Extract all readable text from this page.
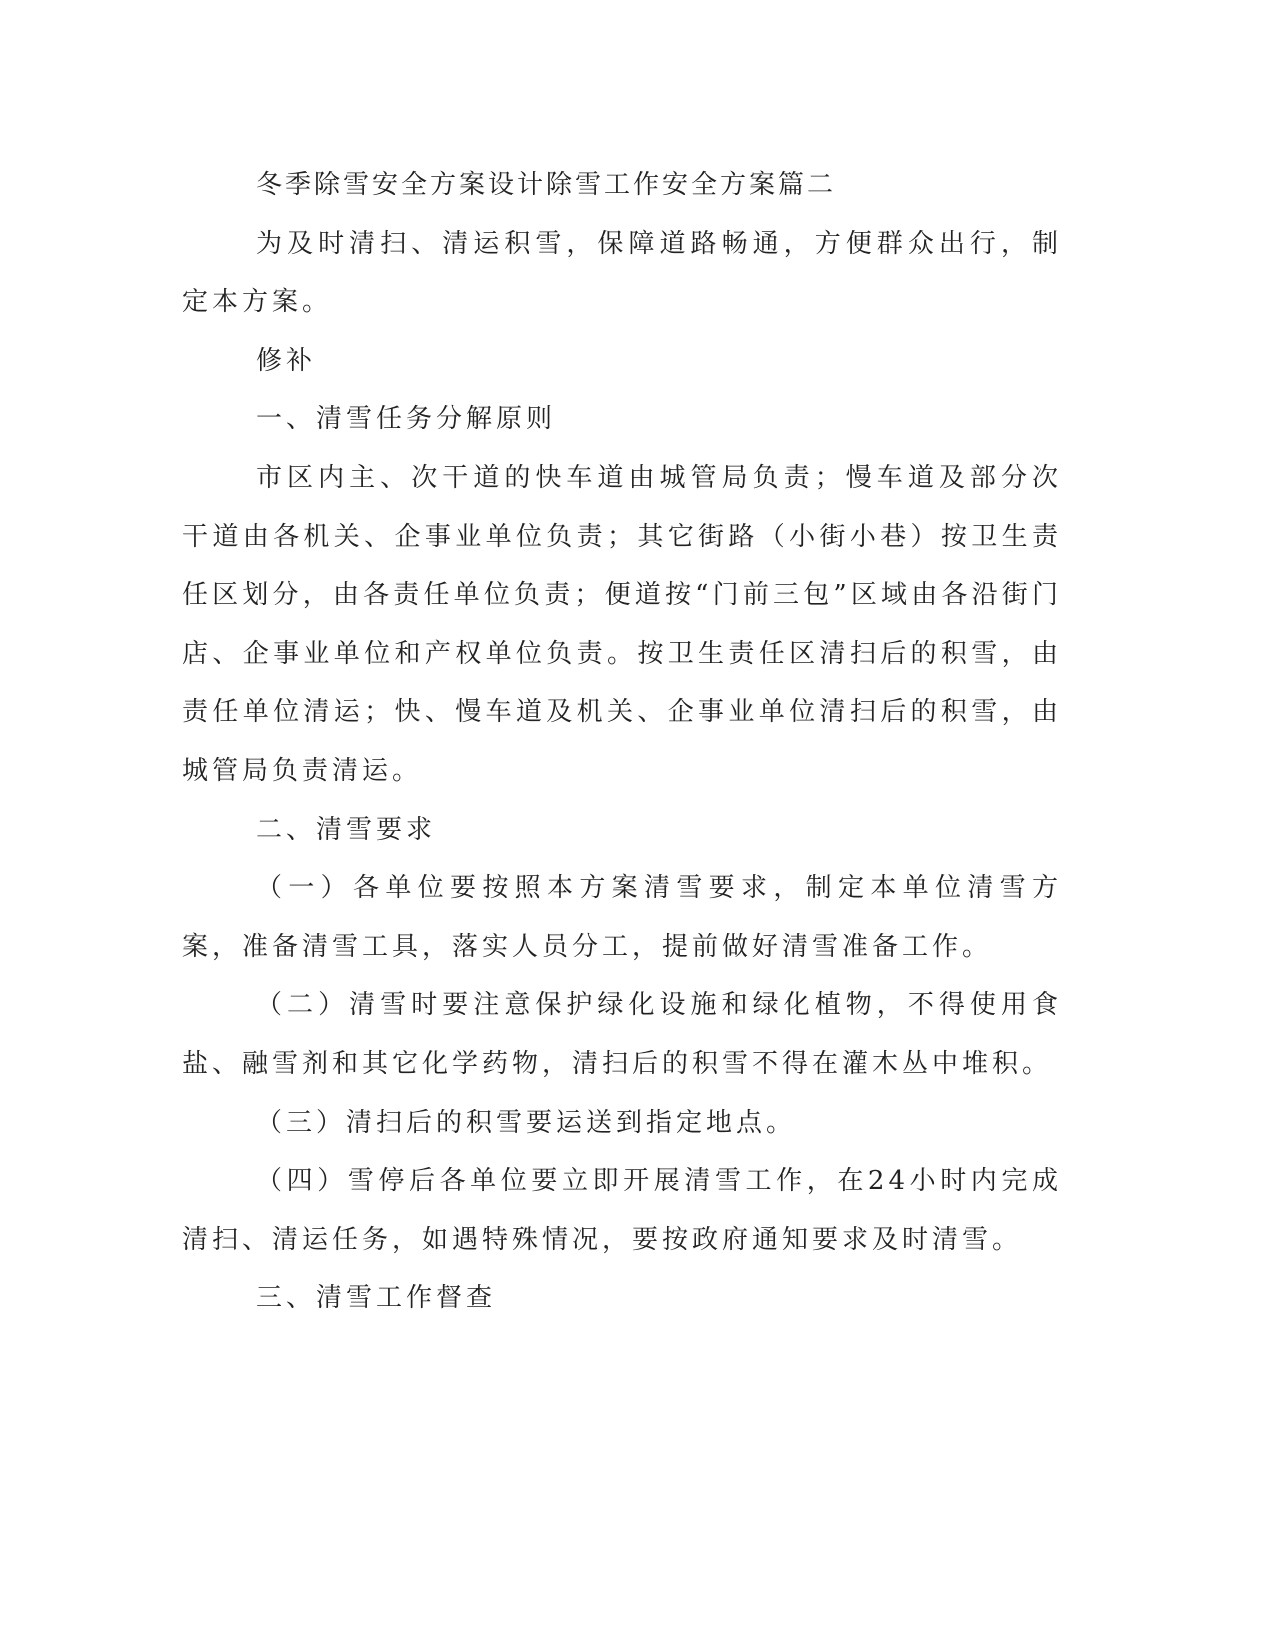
冬季除雪安全方案设计除雪工作安全方案篇二

为及时清扫、清运积雪，保障道路畅通，方便群众出行，制定本方案。

修补

一、清雪任务分解原则

市区内主、次干道的快车道由城管局负责；慢车道及部分次干道由各机关、企事业单位负责；其它街路（小街小巷）按卫生责任区划分，由各责任单位负责；便道按“门前三包”区域由各沿街门店、企事业单位和产权单位负责。按卫生责任区清扫后的积雪，由责任单位清运；快、慢车道及机关、企事业单位清扫后的积雪，由城管局负责清运。

二、清雪要求

（一）各单位要按照本方案清雪要求，制定本单位清雪方案，准备清雪工具，落实人员分工，提前做好清雪准备工作。

（二）清雪时要注意保护绿化设施和绿化植物，不得使用食盐、融雪剂和其它化学药物，清扫后的积雪不得在灌木丛中堆积。

（三）清扫后的积雪要运送到指定地点。

（四）雪停后各单位要立即开展清雪工作，在24小时内完成清扫、清运任务，如遇特殊情况，要按政府通知要求及时清雪。

三、清雪工作督查
